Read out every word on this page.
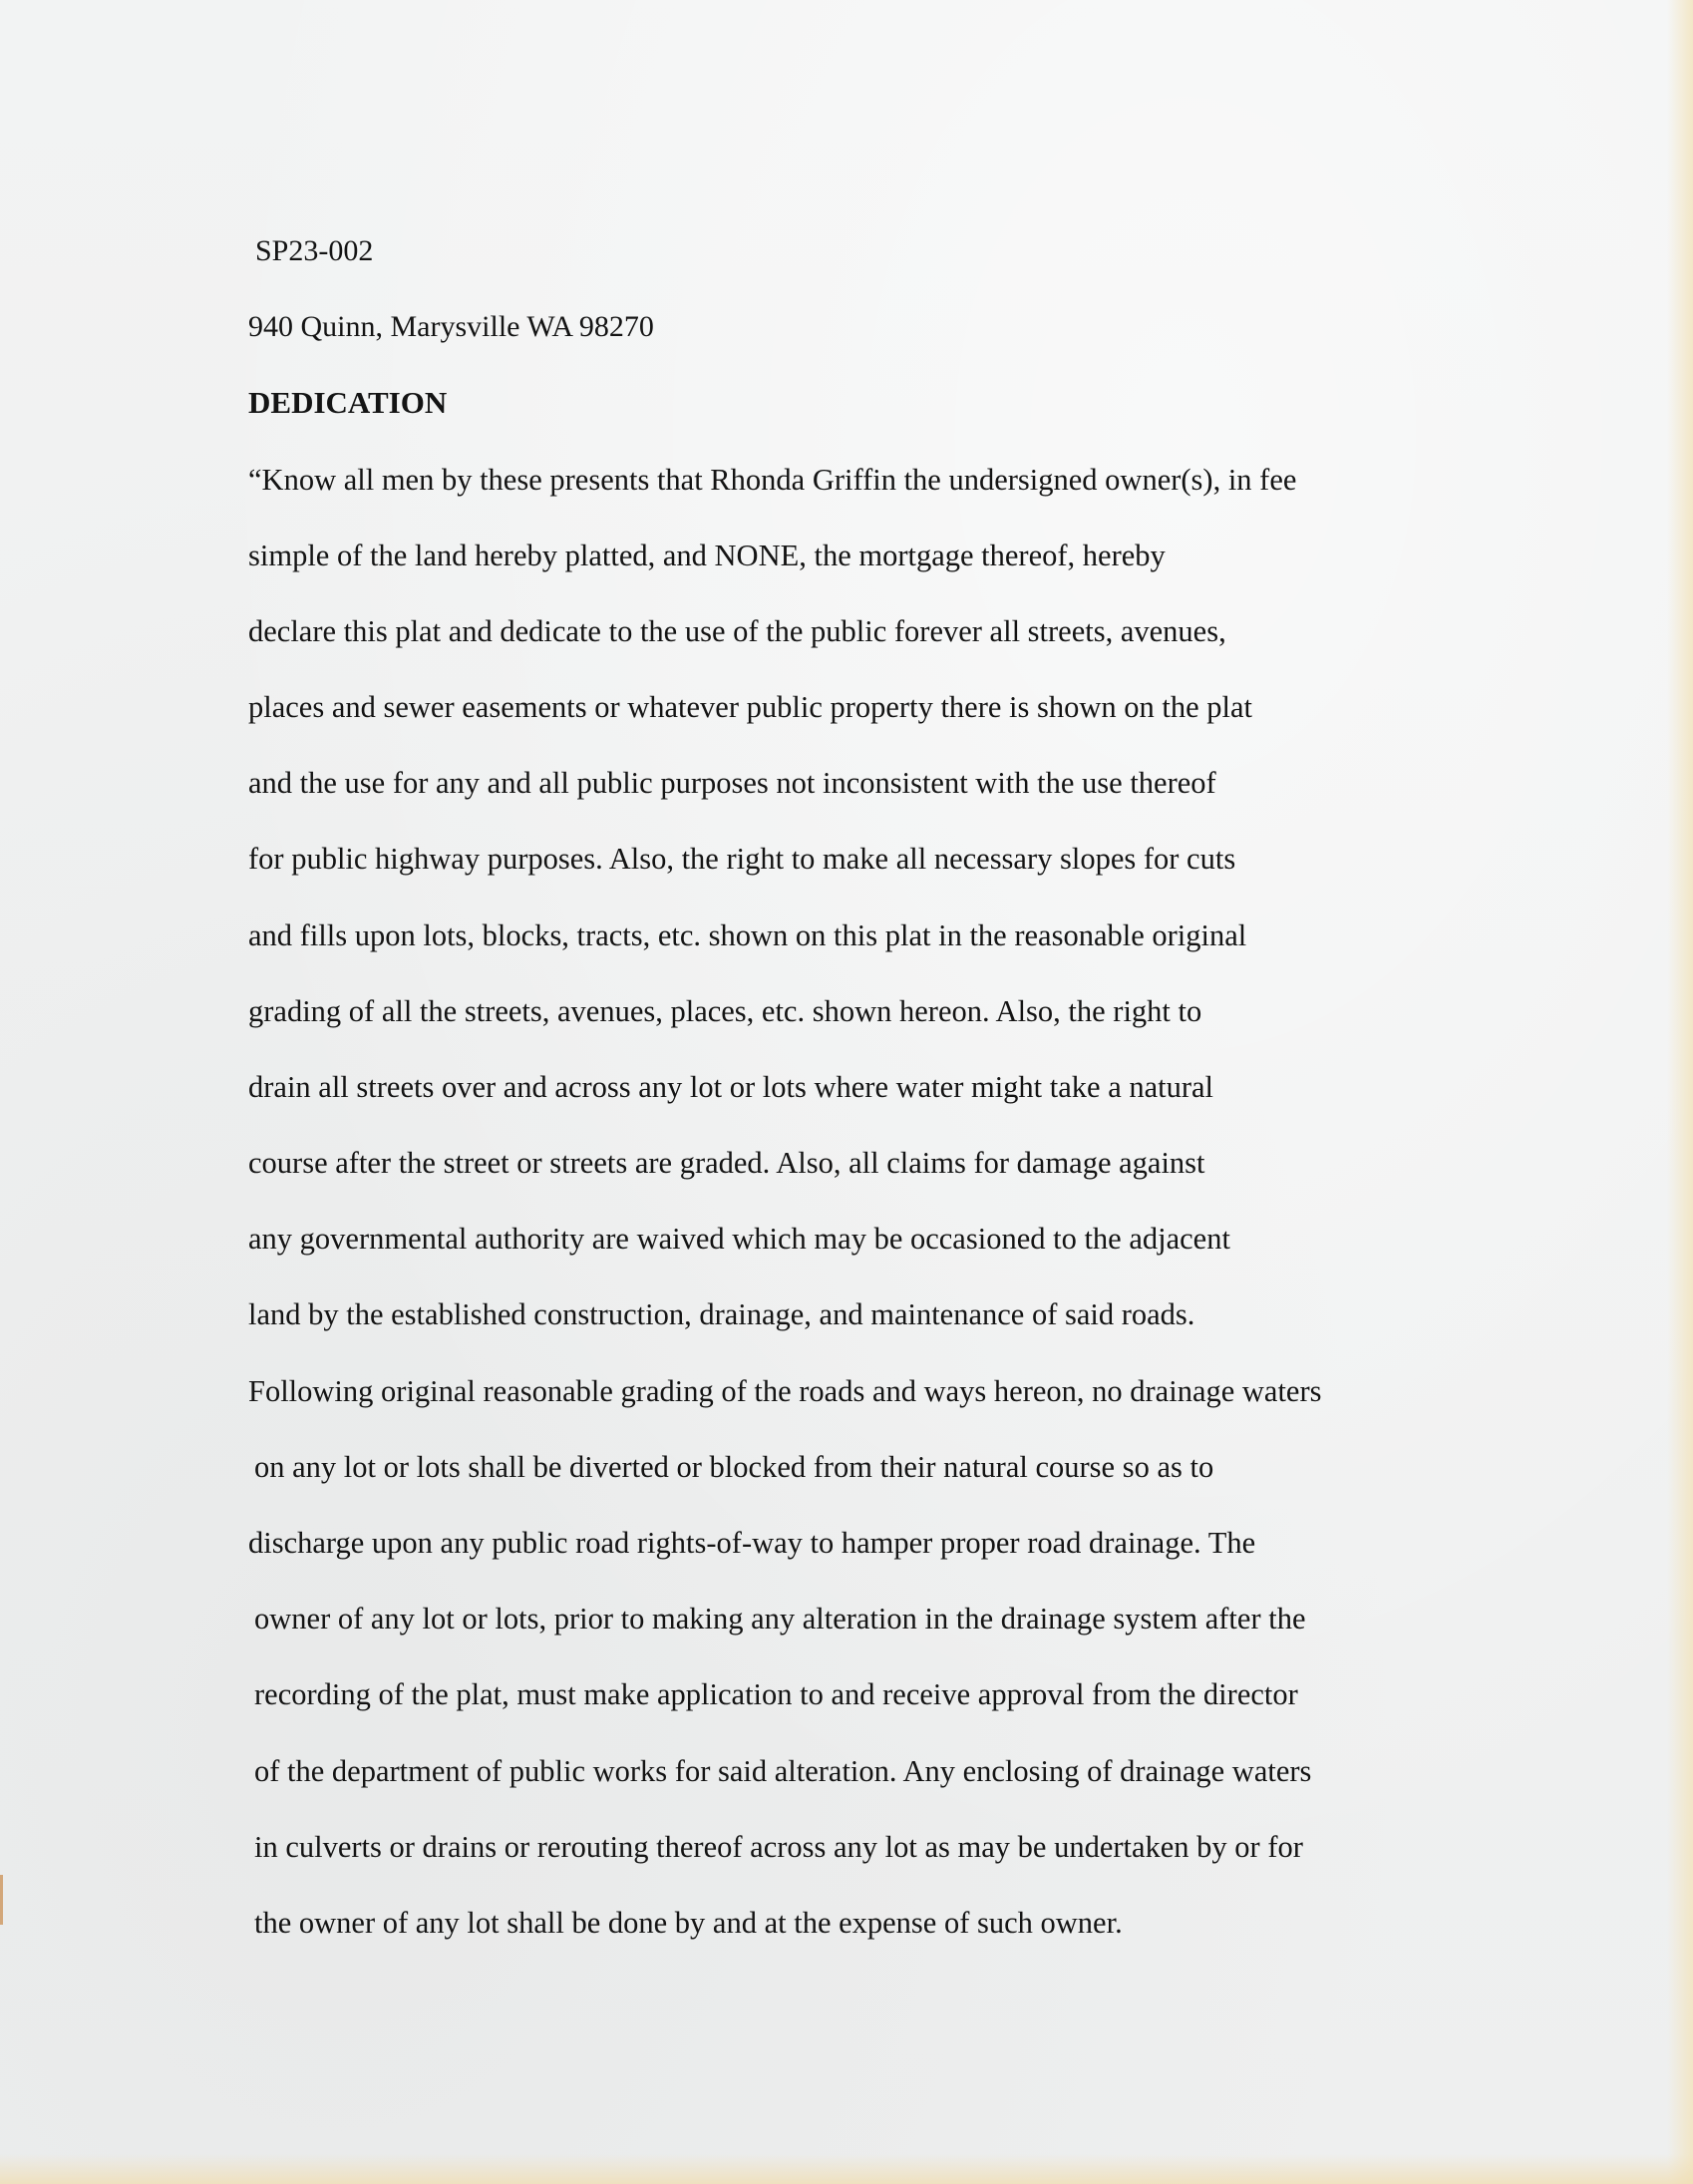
SP23-002

940 Quinn, Marysville WA 98270

DEDICATION

“Know all men by these presents that Rhonda Griffin the undersigned owner(s), in fee

simple of the land hereby platted, and NONE, the mortgage thereof, hereby

declare this plat and dedicate to the use of the public forever all streets, avenues,

places and sewer easements or whatever public property there is shown on the plat

and the use for any and all public purposes not inconsistent with the use thereof

for public highway purposes. Also, the right to make all necessary slopes for cuts

and fills upon lots, blocks, tracts, etc. shown on this plat in the reasonable original

grading of all the streets, avenues, places, etc. shown hereon. Also, the right to

drain all streets over and across any lot or lots where water might take a natural

course after the street or streets are graded. Also, all claims for damage against

any governmental authority are waived which may be occasioned to the adjacent

land by the established construction, drainage, and maintenance of said roads.

Following original reasonable grading of the roads and ways hereon, no drainage waters

on any lot or lots shall be diverted or blocked from their natural course so as to

discharge upon any public road rights-of-way to hamper proper road drainage. The

owner of any lot or lots, prior to making any alteration in the drainage system after the

recording of the plat, must make application to and receive approval from the director

of the department of public works for said alteration. Any enclosing of drainage waters

in culverts or drains or rerouting thereof across any lot as may be undertaken by or for

the owner of any lot shall be done by and at the expense of such owner.
